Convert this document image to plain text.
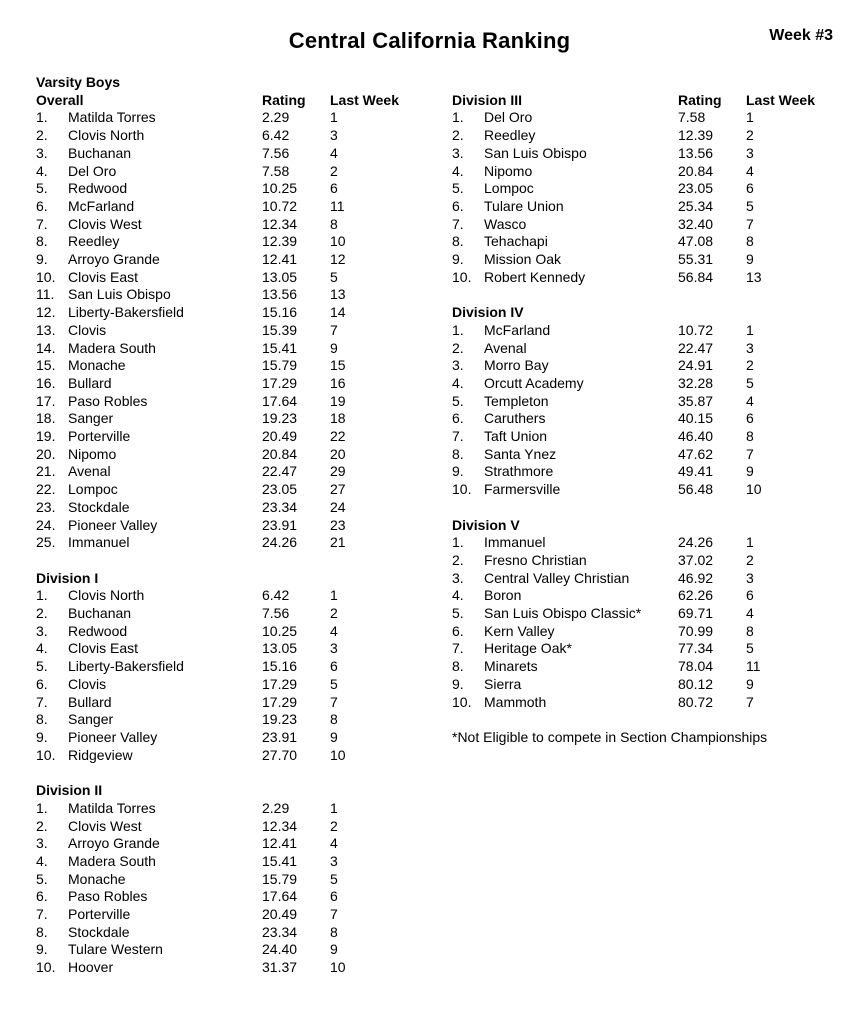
Central California Ranking	Week #3
Varsity Boys
Overall	Rating	Last Week
1.	Matilda Torres	2.29	1
2.	Clovis North	6.42	3
3.	Buchanan	7.56	4
4.	Del Oro	7.58	2
5.	Redwood	10.25	6
6.	McFarland	10.72	11
7.	Clovis West	12.34	8
8.	Reedley	12.39	10
9.	Arroyo Grande	12.41	12
10. Clovis East	13.05	5
11. San Luis Obispo	13.56	13
12. Liberty-Bakersfield	15.16	14
13. Clovis	15.39	7
14. Madera South	15.41	9
15. Monache	15.79	15
16. Bullard	17.29	16
17. Paso Robles	17.64	19
18. Sanger	19.23	18
19. Porterville	20.49	22
20. Nipomo	20.84	20
21. Avenal	22.47	29
22. Lompoc	23.05	27
23. Stockdale	23.34	24
24. Pioneer Valley	23.91	23
25. Immanuel	24.26	21
Division I
1.	Clovis North	6.42	1
2.	Buchanan	7.56	2
3.	Redwood	10.25	4
4.	Clovis East	13.05	3
5.	Liberty-Bakersfield	15.16	6
6.	Clovis	17.29	5
7.	Bullard	17.29	7
8.	Sanger	19.23	8
9.	Pioneer Valley	23.91	9
10. Ridgeview	27.70	10
Division II
1.	Matilda Torres	2.29	1
2.	Clovis West	12.34	2
3.	Arroyo Grande	12.41	4
4.	Madera South	15.41	3
5.	Monache	15.79	5
6.	Paso Robles	17.64	6
7.	Porterville	20.49	7
8.	Stockdale	23.34	8
9.	Tulare Western	24.40	9
10. Hoover	31.37	10
Division III	Rating	Last Week
1.	Del Oro	7.58	1
2.	Reedley	12.39	2
3.	San Luis Obispo	13.56	3
4.	Nipomo	20.84	4
5.	Lompoc	23.05	6
6.	Tulare Union	25.34	5
7.	Wasco	32.40	7
8.	Tehachapi	47.08	8
9.	Mission Oak	55.31	9
10. Robert Kennedy	56.84	13
Division IV
1.	McFarland	10.72	1
2.	Avenal	22.47	3
3.	Morro Bay	24.91	2
4.	Orcutt Academy	32.28	5
5.	Templeton	35.87	4
6.	Caruthers	40.15	6
7.	Taft Union	46.40	8
8.	Santa Ynez	47.62	7
9.	Strathmore	49.41	9
10. Farmersville	56.48	10
Division V
1.	Immanuel	24.26	1
2.	Fresno Christian	37.02	2
3.	Central Valley Christian	46.92	3
4.	Boron	62.26	6
5.	San Luis Obispo Classic*	69.71	4
6.	Kern Valley	70.99	8
7.	Heritage Oak*	77.34	5
8.	Minarets	78.04	11
9.	Sierra	80.12	9
10. Mammoth	80.72	7
*Not Eligible to compete in Section Championships
